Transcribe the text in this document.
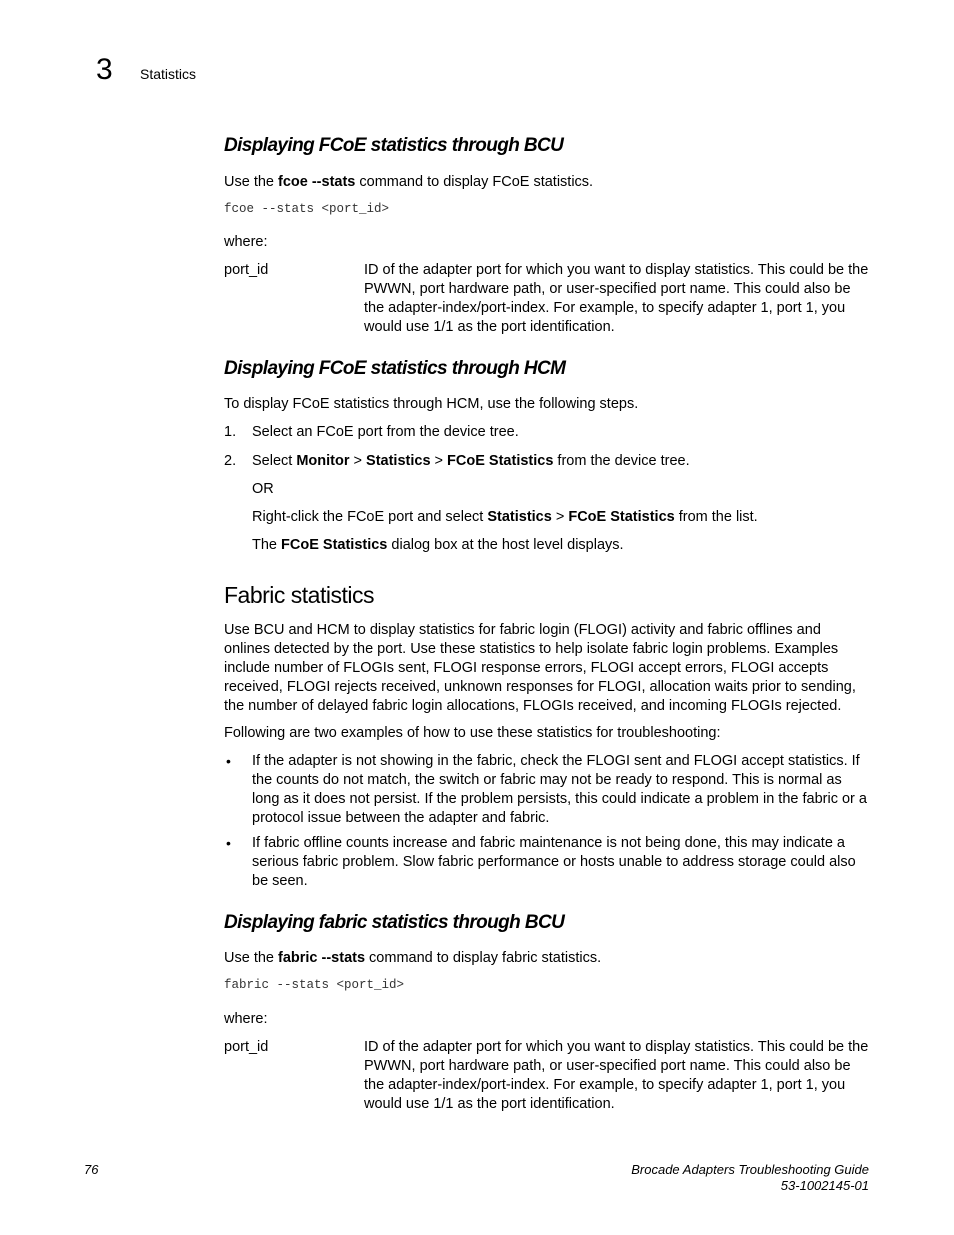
3 Statistics
Displaying FCoE statistics through BCU

Use the fcoe --stats command to display FCoE statistics.

fcoe --stats <port_id>
where:
port_id	ID of the adapter port for which you want to display statistics. This could be the PWWN, port hardware path, or user-specified port name. This could also be the adapter-index/port-index. For example, to specify adapter 1, port 1, you would use 1/1 as the port identification.
Displaying FCoE statistics through HCM
To display FCoE statistics through HCM, use the following steps.
1. Select an FCoE port from the device tree.
2. Select Monitor > Statistics > FCoE Statistics from the device tree.
OR
Right-click the FCoE port and select Statistics > FCoE Statistics from the list.
The FCoE Statistics dialog box at the host level displays.
Fabric statistics

Use BCU and HCM to display statistics for fabric login (FLOGI) activity and fabric offlines and onlines detected by the port. Use these statistics to help isolate fabric login problems. Examples include number of FLOGIs sent, FLOGI response errors, FLOGI accept errors, FLOGI accepts received, FLOGI rejects received, unknown responses for FLOGI, allocation waits prior to sending, the number of delayed fabric login allocations, FLOGIs received, and incoming FLOGIs rejected.

Following are two examples of how to use these statistics for troubleshooting:

• If the adapter is not showing in the fabric, check the FLOGI sent and FLOGI accept statistics. If the counts do not match, the switch or fabric may not be ready to respond. This is normal as long as it does not persist. If the problem persists, this could indicate a problem in the fabric or a protocol issue between the adapter and fabric.
• If fabric offline counts increase and fabric maintenance is not being done, this may indicate a serious fabric problem. Slow fabric performance or hosts unable to address storage could also be seen.
Displaying fabric statistics through BCU

Use the fabric --stats command to display fabric statistics.

fabric --stats <port_id>
where:
port_id	ID of the adapter port for which you want to display statistics. This could be the PWWN, port hardware path, or user-specified port name. This could also be the adapter-index/port-index. For example, to specify adapter 1, port 1, you would use 1/1 as the port identification.
76	Brocade Adapters Troubleshooting Guide
53-1002145-01
